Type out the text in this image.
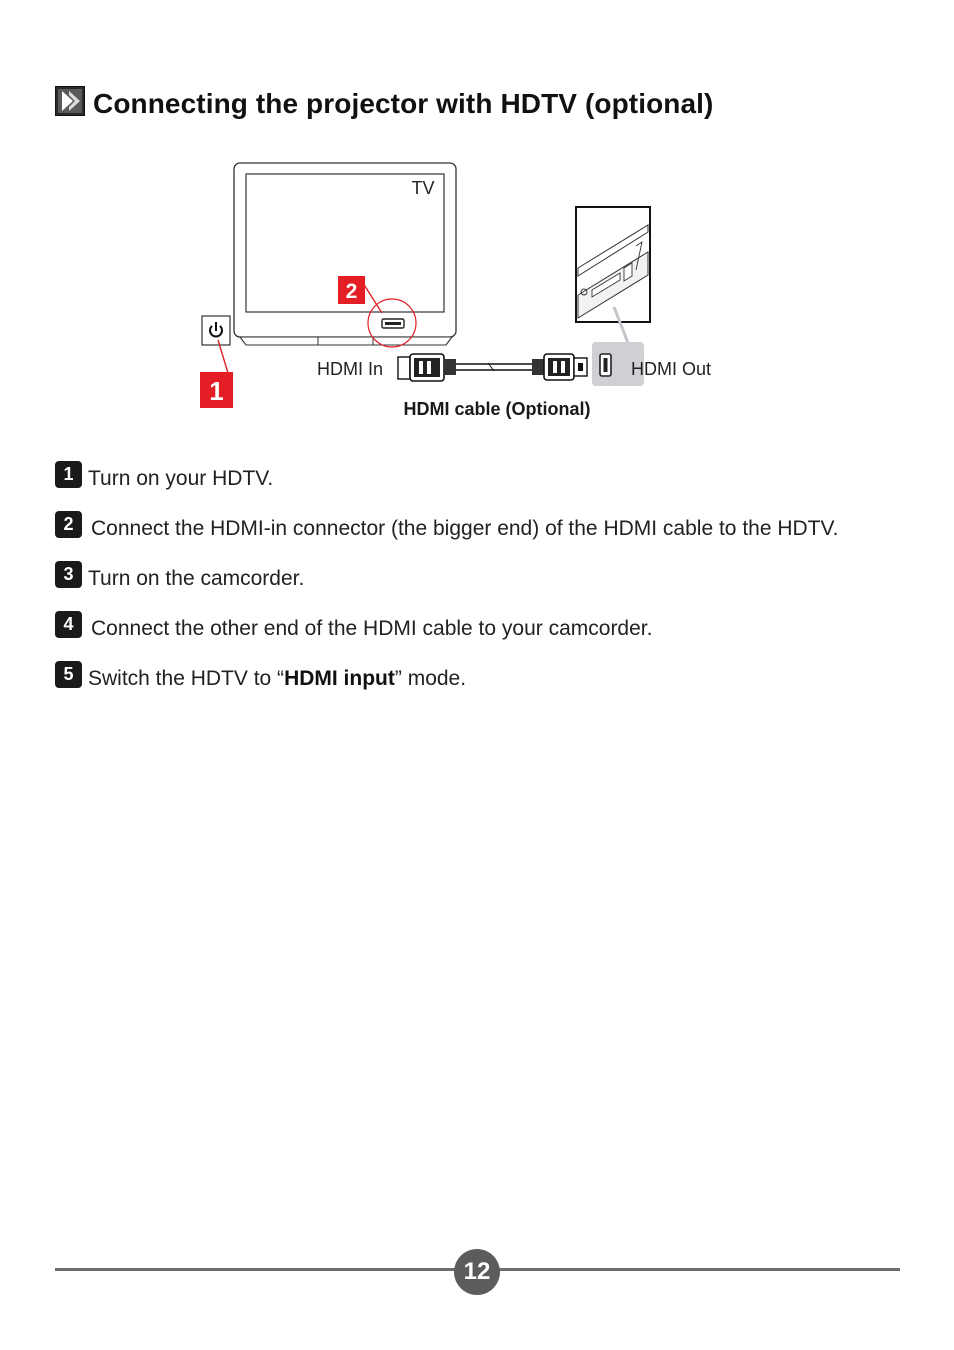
Connecting the projector with HDTV (optional)
TV
2
1
HDMI In
HDMI cable (Optional)
HDMI Out
1 Turn on your HDTV.
2 Connect the HDMI-in connector (the bigger end) of the HDMI cable to the HDTV.
3 Turn on the camcorder.
4 Connect the other end of the HDMI cable to your camcorder.
5 Switch the HDTV to “HDMI input” mode.
12
